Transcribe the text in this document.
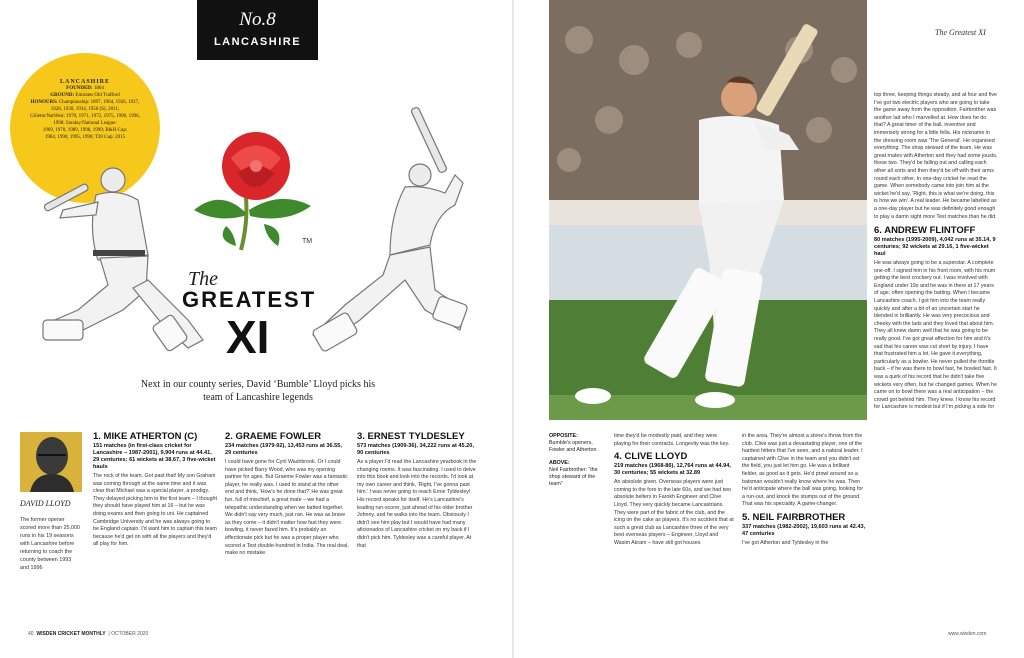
No.8
LANCASHIRE
LANCASHIRE
FOUNDED: 1864
GROUND: Emirates Old Trafford
HONOURS: Championship: 1897, 1904, 1926, 1927, 1928, 1930, 1934, 1950 (S), 2011;
Gillette/NatWest: 1970, 1971, 1972, 1975, 1990, 1996, 1998; Sunday/National League:
1969, 1970, 1989, 1998, 1999; B&H Cup:
1984, 1990, 1995, 1996; T20 Cup: 2015
TM
The
GREATEST
XI
Next in our county series, David ‘Bumble’ Lloyd picks his team of Lancashire legends
DAVID LLOYD
The former opener scored more than 25,000 runs in his 19 seasons with Lancashire before returning to coach the county between 1993 and 1996
1. MIKE ATHERTON (C)
151 matches (in first-class cricket for Lancashire – 1987-2001), 9,904 runs at 44.41, 29 centuries; 61 wickets at 38.67, 3 five-wicket hauls
The rock of the team. Got past that! My son Graham was coming through at the same time and it was clear that Michael was a special player, a prodigy. They delayed picking him in the first team – I thought they should have played him at 16 – but he was doing exams and then going to uni. He captained Cambridge University and he was always going to be England captain. I'd want him to captain this team because he'd get on with all the players and they'd all play for him.
2. GRAEME FOWLER
234 matches (1979-92), 13,453 runs at 36.55, 29 centuries
I could have gone for Cyril Washbrook. Or I could have picked Barry Wood, who was my opening partner for ages. But Graeme Fowler was a fantastic player, he really was. I used to stand at the other end and think, 'How's he done that?' He was great fun, full of mischief, a great mate – we had a telepathic understanding when we batted together. We didn't say very much, just ran. He was as brave as they come – it didn't matter how fast they were bowling, it never fazed him. It's probably an effectionate pick but he was a proper player who scored a Test double-hundred in India. The real deal, make no mistake.
3. ERNEST TYLDESLEY
573 matches (1909-36), 34,222 runs at 45.20, 90 centuries
As a player I'd read the Lancashire yearbook in the changing rooms. It was fascinating. I used to delve into this book and look into the records. I'd look at my own career and think, 'Right, I've gonna past him.' I was never going to reach Ernie Tyldesley! His record speaks for itself. He's Lancashire's leading run-scorer, just ahead of his older brother Johnny, and he walks into the team. Obviously I didn't see him play but I would have had many aficionados of Lancashire cricket on my back if I didn't pick him. Tyldesley was a careful player. At that
The Greatest XI
OPPOSITE:
Bumble's openers, Fowler and Atherton
ABOVE:
Neil Fairbrother: “the shop steward of the team”
time they'd be modestly paid, and they were playing for their contracts. Longevity was the key.
4. CLIVE LLOYD
219 matches (1968-86), 12,764 runs at 44.94, 30 centuries; 55 wickets at 32.89
An absolute given. Overseas players were just coming to the fore in the late 60s, and we had two absolute belters in Farokh Engineer and Clive Lloyd. They very quickly became Lancastrians. They were part of the fabric of the club, and the icing on the cake as players. It's no accident that at such a great club as Lancashire three of the very best overseas players – Engineer, Lloyd and Wasim Akram – have still got houses
in the area. They're almost a stone's throw from the club. Clive was just a devastating player, one of the hardest hitters that I've seen, and a natural leader. I captained with Clive in the team and you didn't set the field, you just let him go. He was a brilliant fielder, as good as it gets. He'd prowl around so a batsman wouldn't really know where he was. Then he'd anticipate where the ball was going, looking for a run-out, and knock the stumps out of the ground. That was his speciality. A game-changer.
5. NEIL FAIRBROTHER
337 matches (1982-2002), 19,603 runs at 42.43, 47 centuries
I've got Atherton and Tyldesley in the
top three, keeping things steady, and at four and five I've got two electric players who are going to take the game away from the opposition. Fairbrother was another lad who I marvelled at. How does he do that? A great timer of the ball, inventive and immensely strong for a little fella. His nickname in the dressing room was 'The General'. He organised everything. The shop steward of the team. He was great mates with Atherton and they had some jousts, those two. They'd be falling out and calling each other all sorts and then they'd be off with their arms round each other. In one-day cricket he read the game. When somebody came into join him at the wicket he'd say, 'Right, this is what we're doing, this is how we win'. A real leader. He became labelled as a one-day player but he was definitely good enough to play a damn sight more Test matches than he did.
6. ANDREW FLINTOFF
80 matches (1995-2009), 4,042 runs at 35.14, 9 centuries; 92 wickets at 29.16, 1 five-wicket haul
He was always going to be a superstar. A complete one-off. I signed him in his front room, with his mum getting the best crockery out. I was involved with England under 19s and he was in there at 17 years of age, often opening the batting. When I became Lancashire coach, I got him into the team really quickly and after a bit of an uncertain start he blended in brilliantly. He was very precocious and cheeky with the lads and they loved that about him. They all knew damn well that he was going to be really good. I've got great affection for him and it's sad that his career was cut short by injury. I have that frustrated him a lot. He gave it everything, particularly as a bowler. He never pulled the throttle back – if he was there to bowl fast, he bowled fast. It was a quirk of his record that he didn't take five wickets very often, but he changed games. When he came on to bowl there was a real anticipation – the crowd got behind him. They knew. I know his record for Lancashire is modest but if I'm picking a side for
40 WISDEN CRICKET MONTHLY  | OCTOBER 2020	www.wisden.com
